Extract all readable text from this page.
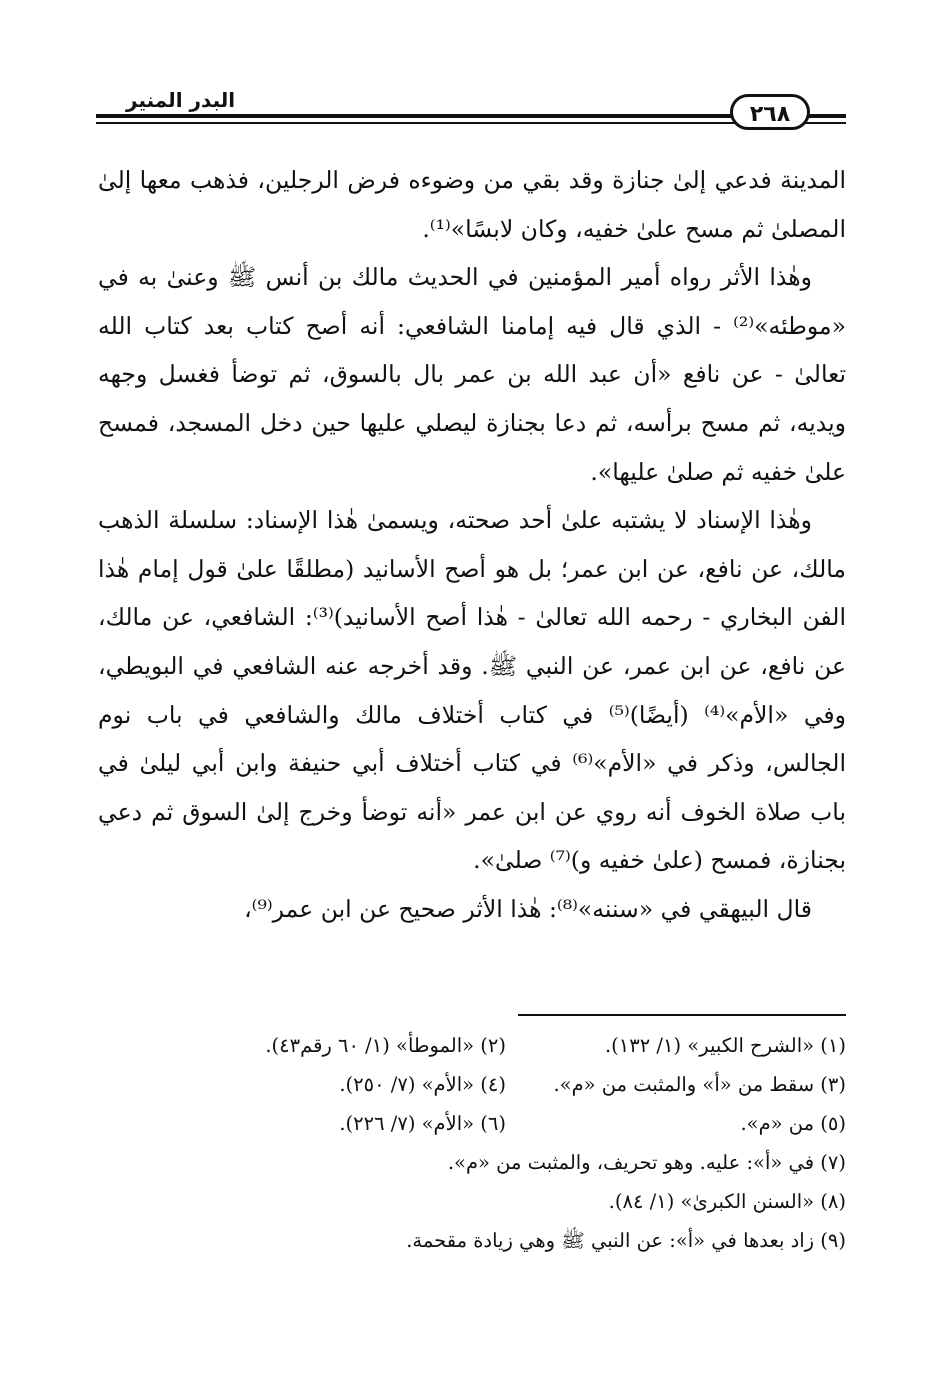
٢٦٨
البدر المنير

المدينة فدعي إلىٰ جنازة وقد بقي من وضوءه فرض الرجلين، فذهب معها إلىٰ المصلىٰ ثم مسح علىٰ خفيه، وكان لابسًا»⁽¹⁾.

وهٰذا الأثر رواه أمير المؤمنين في الحديث مالك بن أنس ﷺ وعنىٰ به في «موطئه»⁽²⁾ - الذي قال فيه إمامنا الشافعي: أنه أصح كتاب بعد كتاب الله تعالىٰ - عن نافع «أن عبد الله بن عمر بال بالسوق، ثم توضأ فغسل وجهه ويديه، ثم مسح برأسه، ثم دعا بجنازة ليصلي عليها حين دخل المسجد، فمسح علىٰ خفيه ثم صلىٰ عليها».

وهٰذا الإسناد لا يشتبه علىٰ أحد صحته، ويسمىٰ هٰذا الإسناد: سلسلة الذهب مالك، عن نافع، عن ابن عمر؛ بل هو أصح الأسانيد (مطلقًا علىٰ قول إمام هٰذا الفن البخاري - رحمه الله تعالىٰ - هٰذا أصح الأسانيد)⁽³⁾: الشافعي، عن مالك، عن نافع، عن ابن عمر، عن النبي ﷺ. وقد أخرجه عنه الشافعي في البويطي، وفي «الأم»⁽⁴⁾ (أيضًا)⁽⁵⁾ في كتاب أختلاف مالك والشافعي في باب نوم الجالس، وذكر في «الأم»⁽⁶⁾ في كتاب أختلاف أبي حنيفة وابن أبي ليلىٰ في باب صلاة الخوف أنه روي عن ابن عمر «أنه توضأ وخرج إلىٰ السوق ثم دعي بجنازة، فمسح (علىٰ خفيه و)⁽⁷⁾ صلىٰ».

قال البيهقي في «سننه»⁽⁸⁾: هٰذا الأثر صحيح عن ابن عمر⁽⁹⁾،

(١) «الشرح الكبير» (١/ ١٣٢).
(٢) «الموطأ» (١/ ٦٠ رقم٤٣).
(٣) سقط من «أ» والمثبت من «م».
(٤) «الأم» (٧/ ٢٥٠).
(٥) من «م».
(٦) «الأم» (٧/ ٢٢٦).
(٧) في «أ»: عليه. وهو تحريف، والمثبت من «م».
(٨) «السنن الكبرىٰ» (١/ ٨٤).
(٩) زاد بعدها في «أ»: عن النبي ﷺ وهي زيادة مقحمة.
